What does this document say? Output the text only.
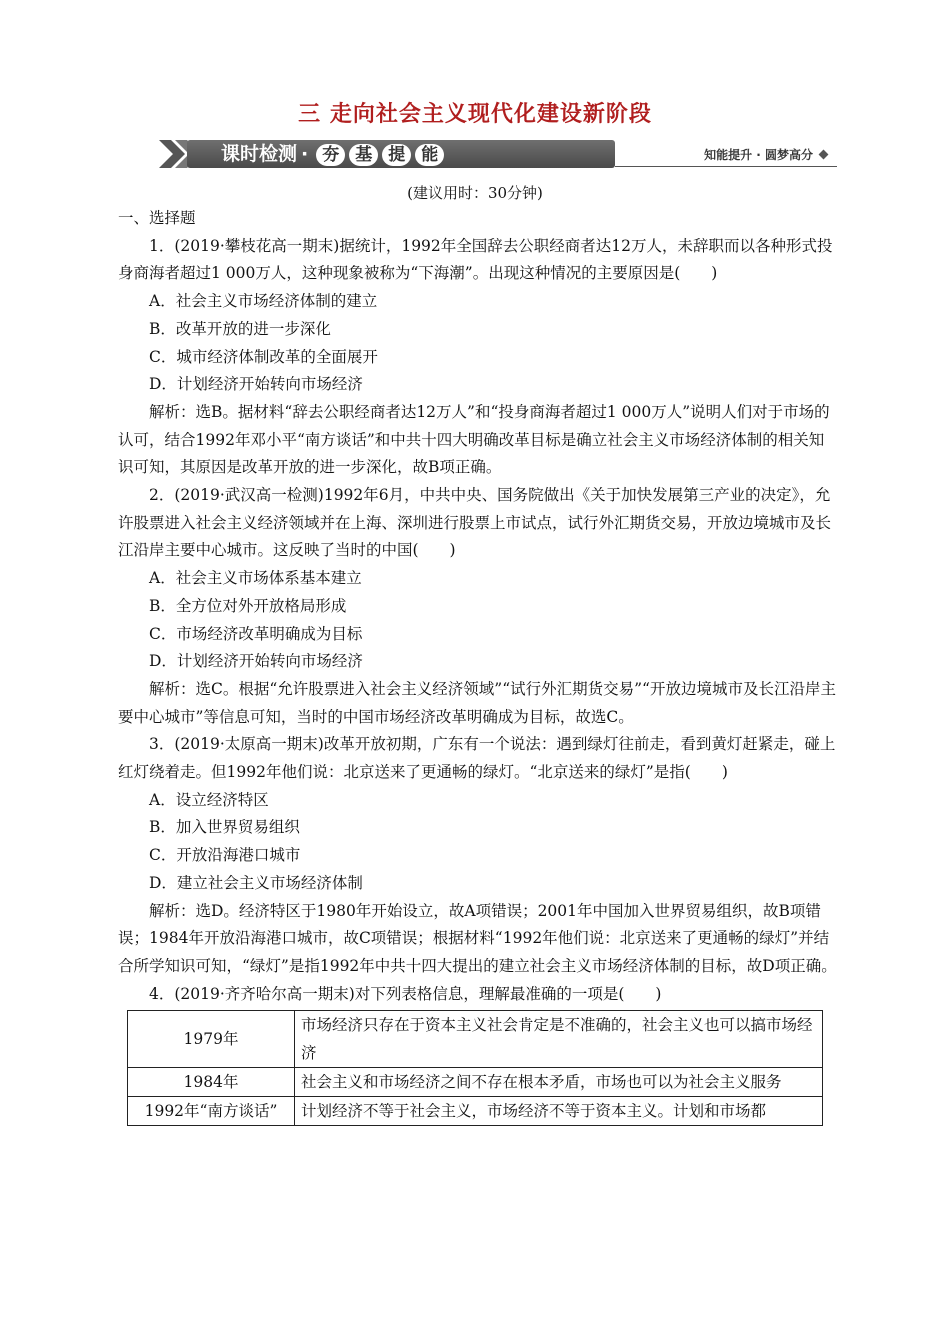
三 走向社会主义现代化建设新阶段
课时检测 · 夯 基 提 能	知能提升 · 圆梦高分
(建议用时：30分钟)

一、选择题

1．(2019·攀枝花高一期末)据统计，1992年全国辞去公职经商者达12万人，未辞职而以各种形式投身商海者超过1 000万人，这种现象被称为“下海潮”。出现这种情况的主要原因是(　　)

A．社会主义市场经济体制的建立

B．改革开放的进一步深化

C．城市经济体制改革的全面展开

D．计划经济开始转向市场经济

解析：选B。据材料“辞去公职经商者达12万人”和“投身商海者超过1 000万人”说明人们对于市场的认可，结合1992年邓小平“南方谈话”和中共十四大明确改革目标是确立社会主义市场经济体制的相关知识可知，其原因是改革开放的进一步深化，故B项正确。

2．(2019·武汉高一检测)1992年6月，中共中央、国务院做出《关于加快发展第三产业的决定》，允许股票进入社会主义经济领域并在上海、深圳进行股票上市试点，试行外汇期货交易，开放边境城市及长江沿岸主要中心城市。这反映了当时的中国(　　)

A．社会主义市场体系基本建立

B．全方位对外开放格局形成

C．市场经济改革明确成为目标

D．计划经济开始转向市场经济

解析：选C。根据“允许股票进入社会主义经济领域”“试行外汇期货交易”“开放边境城市及长江沿岸主要中心城市”等信息可知，当时的中国市场经济改革明确成为目标，故选C。

3．(2019·太原高一期末)改革开放初期，广东有一个说法：遇到绿灯往前走，看到黄灯赶紧走，碰上红灯绕着走。但1992年他们说：北京送来了更通畅的绿灯。“北京送来的绿灯”是指(　　)

A．设立经济特区

B．加入世界贸易组织

C．开放沿海港口城市

D．建立社会主义市场经济体制

解析：选D。经济特区于1980年开始设立，故A项错误；2001年中国加入世界贸易组织，故B项错误；1984年开放沿海港口城市，故C项错误；根据材料“1992年他们说：北京送来了更通畅的绿灯”并结合所学知识可知，“绿灯”是指1992年中共十四大提出的建立社会主义市场经济体制的目标，故D项正确。

4．(2019·齐齐哈尔高一期末)对下列表格信息，理解最准确的一项是(　　)

1979年	市场经济只存在于资本主义社会肯定是不准确的，社会主义也可以搞市场经济
1984年	社会主义和市场经济之间不存在根本矛盾，市场也可以为社会主义服务
1992年“南方谈话”	计划经济不等于社会主义，市场经济不等于资本主义。计划和市场都
